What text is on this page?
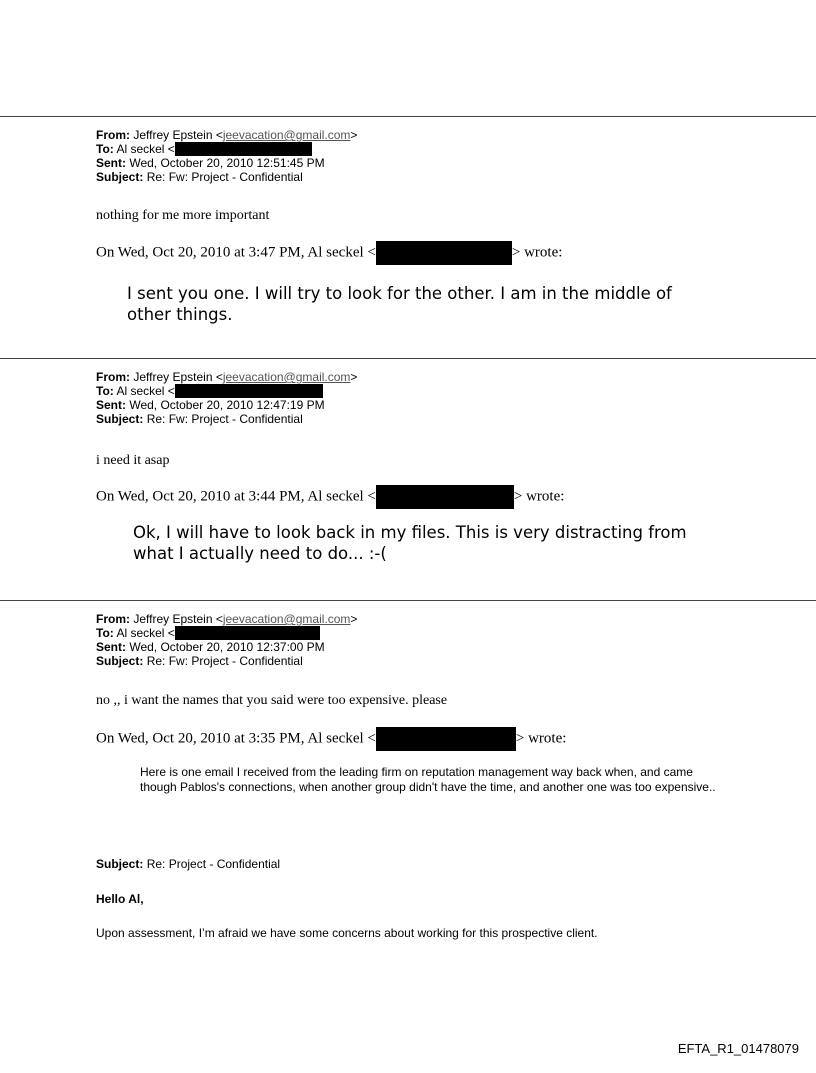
From: Jeffrey Epstein <jeevacation@gmail.com>
To: Al seckel <
Sent: Wed, October 20, 2010 12:51:45 PM
Subject: Re: Fw: Project - Confidential
nothing for me more important
On Wed, Oct 20, 2010 at 3:47 PM, Al seckel <	> wrote:
I sent you one. I will try to look for the other. I am in the middle of other things.
From: Jeffrey Epstein <jeevacation@gmail.com>
To: Al seckel <
Sent: Wed, October 20, 2010 12:47:19 PM
Subject: Re: Fw: Project - Confidential
i need it asap
On Wed, Oct 20, 2010 at 3:44 PM, Al seckel <	> wrote:
Ok, I will have to look back in my files. This is very distracting from what I actually need to do... :-(
From: Jeffrey Epstein <jeevacation@gmail.com>
To: Al seckel <
Sent: Wed, October 20, 2010 12:37:00 PM
Subject: Re: Fw: Project - Confidential
no ,, i want the names that you said were too expensive. please
On Wed, Oct 20, 2010 at 3:35 PM, Al seckel <	> wrote:
Here is one email I received from the leading firm on reputation management way back when, and came though Pablos's connections, when another group didn't have the time, and another one was too expensive..
Subject: Re: Project - Confidential
Hello Al,
Upon assessment, I’m afraid we have some concerns about working for this prospective client.
EFTA_R1_01478079
